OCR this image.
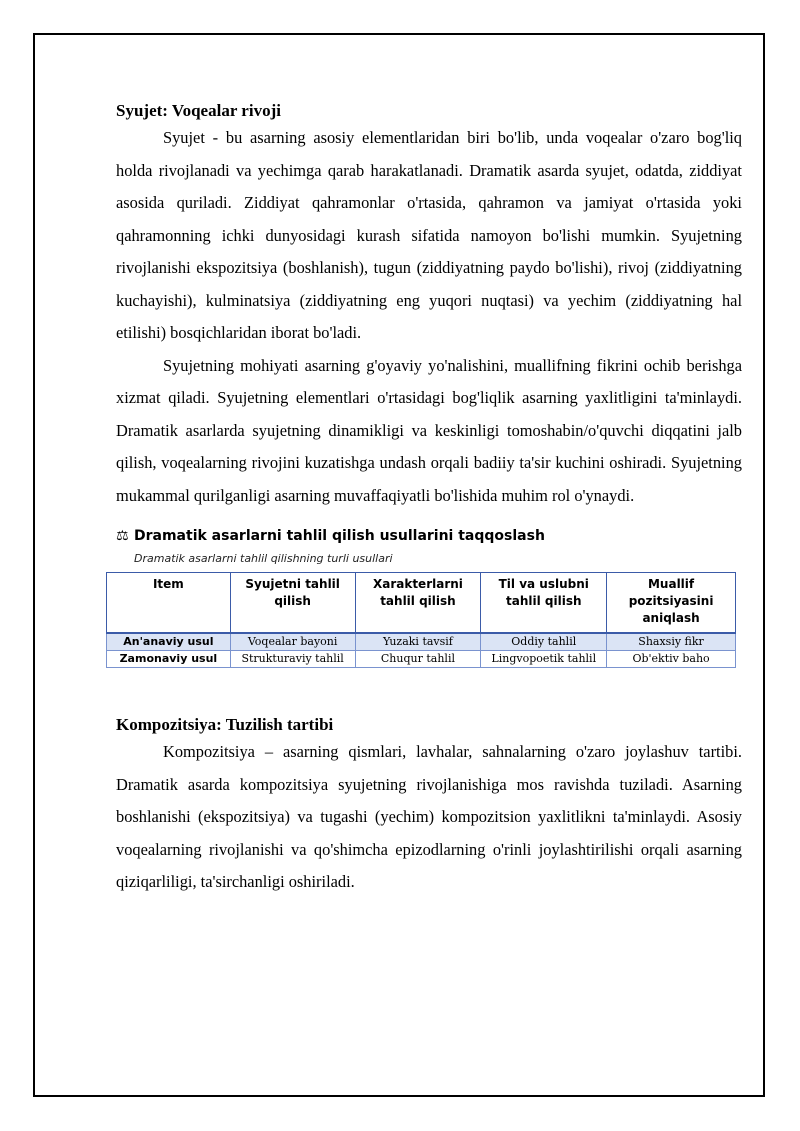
Syujet: Voqealar rivoji

Syujet - bu asarning asosiy elementlaridan biri bo'lib, unda voqealar o'zaro bog'liq holda rivojlanadi va yechimga qarab harakatlanadi. Dramatik asarda syujet, odatda, ziddiyat asosida quriladi. Ziddiyat qahramonlar o'rtasida, qahramon va jamiyat o'rtasida yoki qahramonning ichki dunyosidagi kurash sifatida namoyon bo'lishi mumkin. Syujetning rivojlanishi ekspozitsiya (boshlanish), tugun (ziddiyatning paydo bo'lishi), rivoj (ziddiyatning kuchayishi), kulminatsiya (ziddiyatning eng yuqori nuqtasi) va yechim (ziddiyatning hal etilishi) bosqichlaridan iborat bo'ladi.

Syujetning mohiyati asarning g'oyaviy yo'nalishini, muallifning fikrini ochib berishga xizmat qiladi. Syujetning elementlari o'rtasidagi bog'liqlik asarning yaxlitligini ta'minlaydi. Dramatik asarlarda syujetning dinamikligi va keskinligi tomoshabin/o'quvchi diqqatini jalb qilish, voqealarning rivojini kuzatishga undash orqali badiiy ta'sir kuchini oshiradi. Syujetning mukammal qurilganligi asarning muvaffaqiyatli bo'lishida muhim rol o'ynaydi.

⚖ Dramatik asarlarni tahlil qilish usullarini taqqoslash
Dramatik asarlarni tahlil qilishning turli usullari
Item	Syujetni tahlil qilish	Xarakterlarni tahlil qilish	Til va uslubni tahlil qilish	Muallif pozitsiyasini aniqlash
An'anaviy usul	Voqealar bayoni	Yuzaki tavsif	Oddiy tahlil	Shaxsiy fikr
Zamonaviy usul	Strukturaviy tahlil	Chuqur tahlil	Lingvopoetik tahlil	Ob'ektiv baho
Kompozitsiya: Tuzilish tartibi

Kompozitsiya – asarning qismlari, lavhalar, sahnalarning o'zaro joylashuv tartibi. Dramatik asarda kompozitsiya syujetning rivojlanishiga mos ravishda tuziladi. Asarning boshlanishi (ekspozitsiya) va tugashi (yechim) kompozitsion yaxlitlikni ta'minlaydi. Asosiy voqealarning rivojlanishi va qo'shimcha epizodlarning o'rinli joylashtirilishi orqali asarning qiziqarliligi, ta'sirchanligi oshiriladi.
